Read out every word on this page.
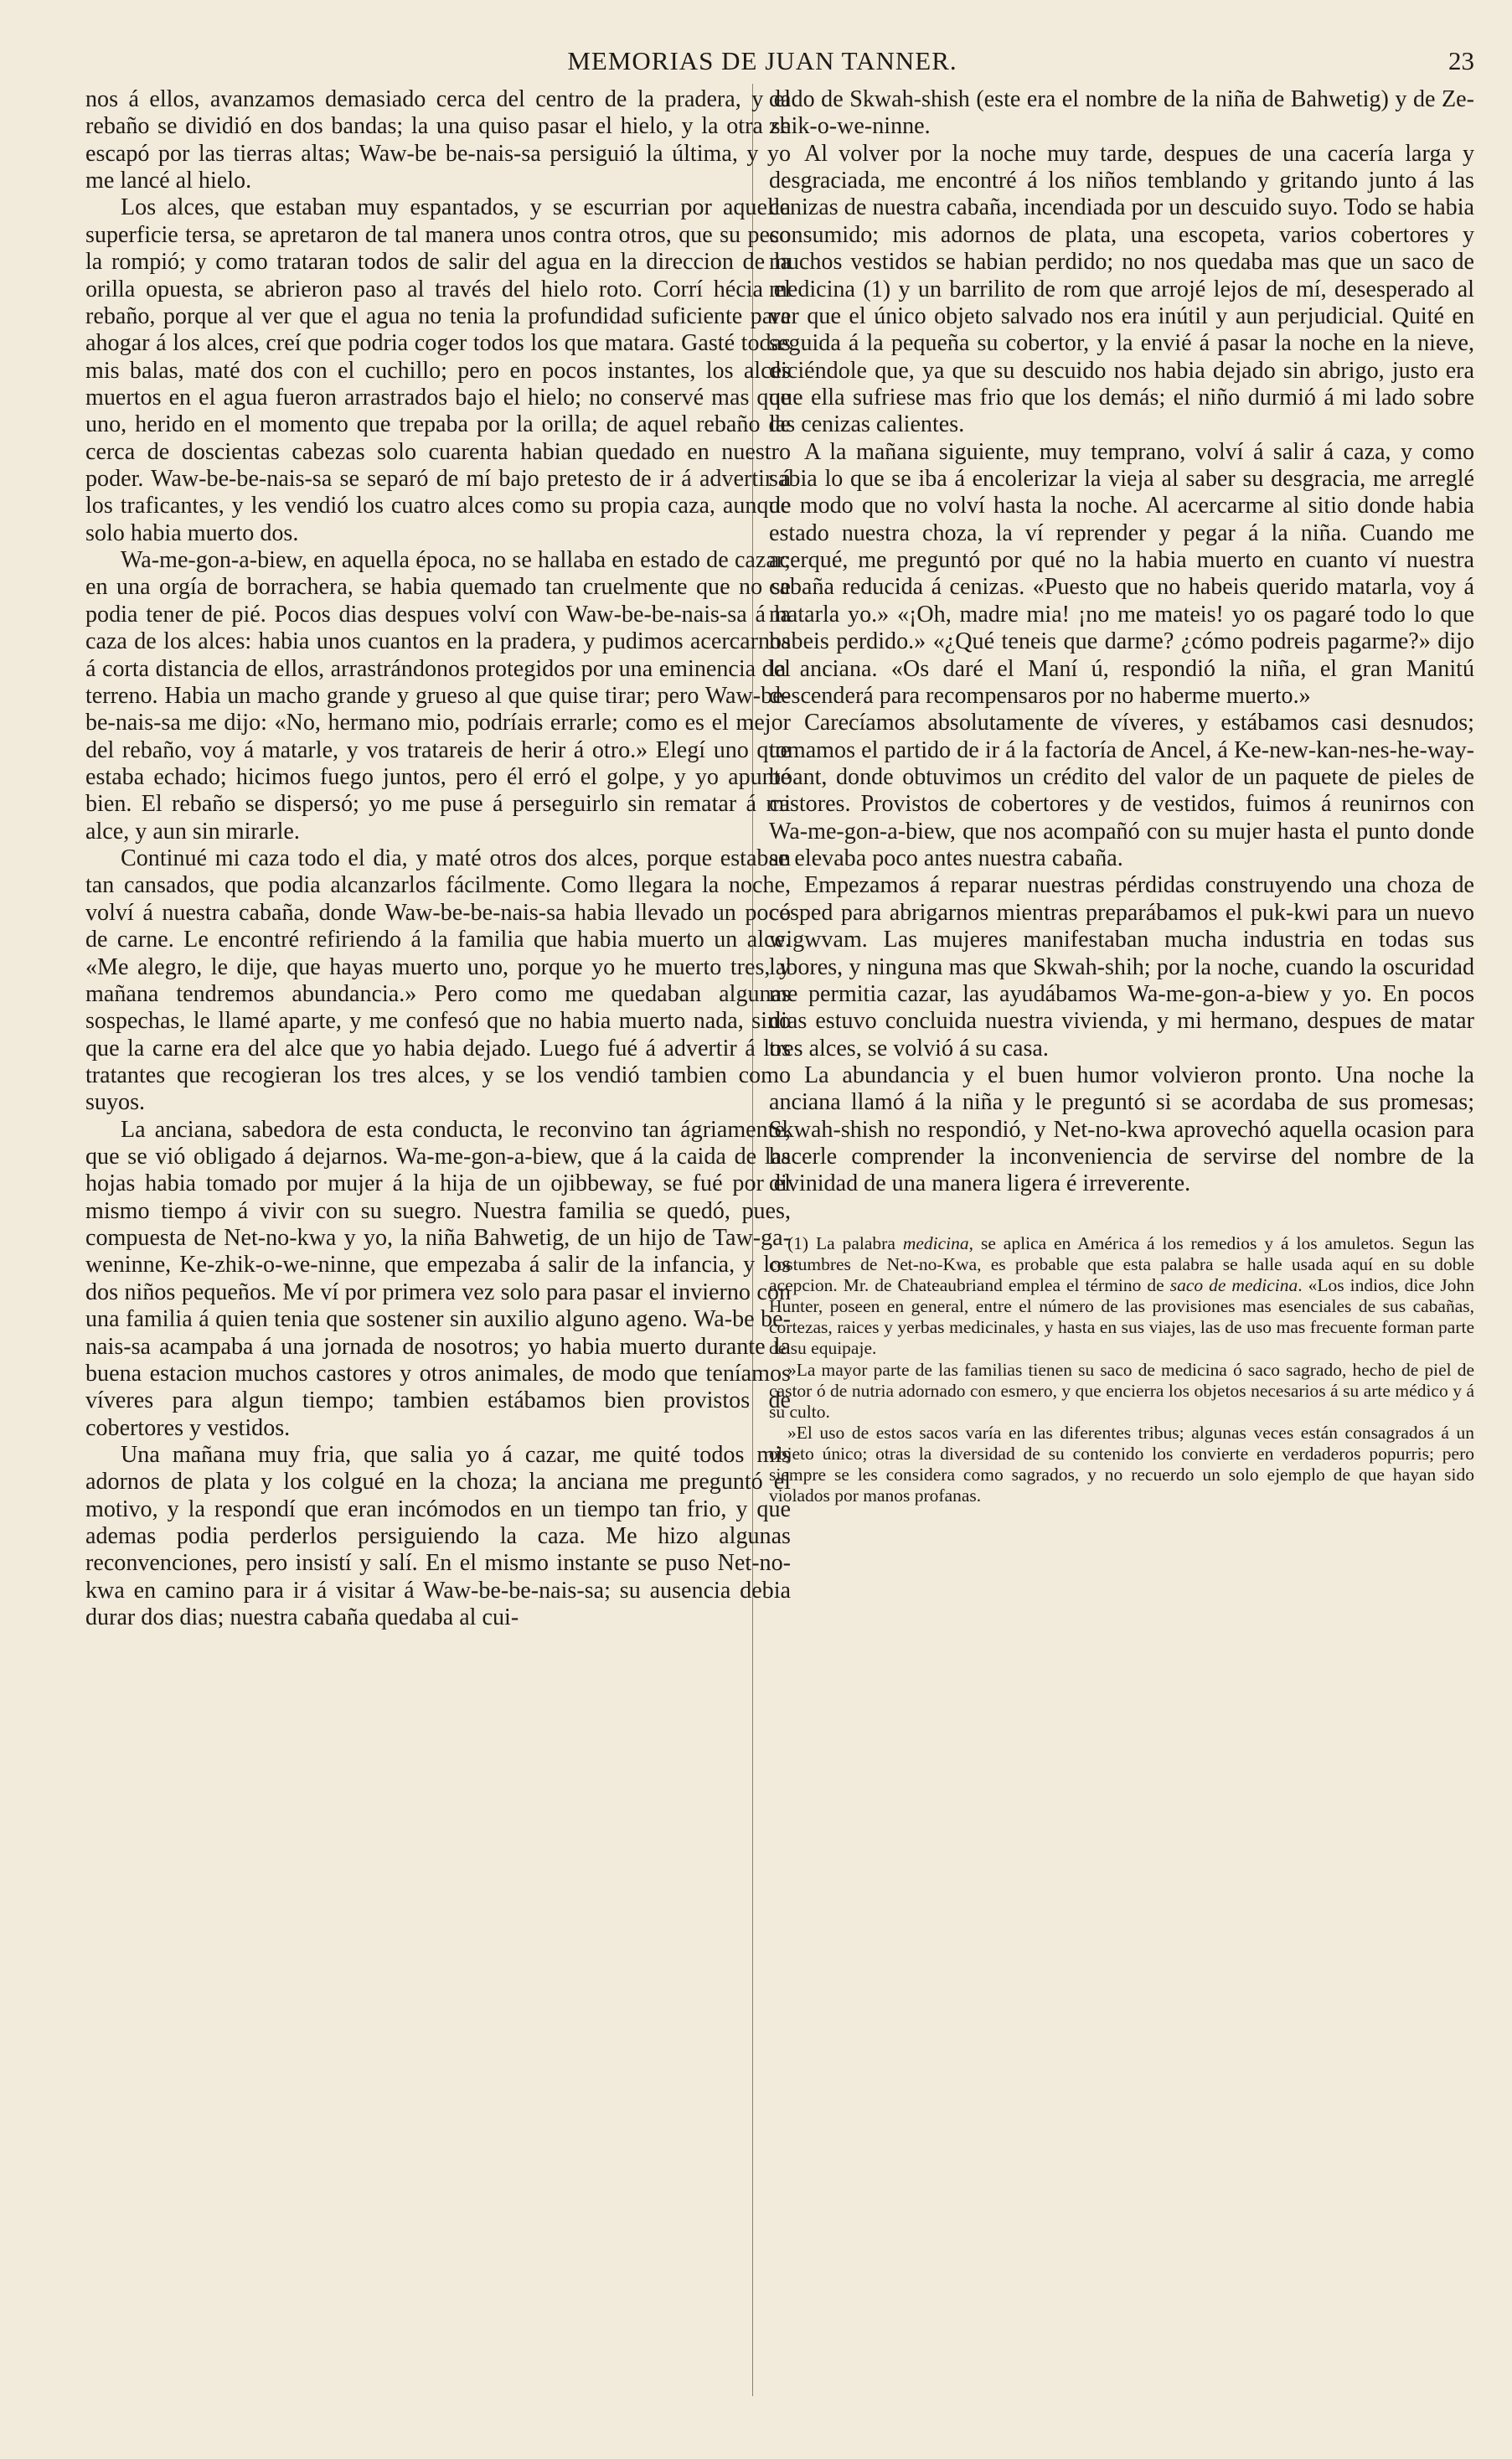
MEMORIAS DE JUAN TANNER.	23

nos á ellos, avanzamos demasiado cerca del centro de la pradera, y el rebaño se dividió en dos bandas; la una quiso pasar el hielo, y la otra se escapó por las tierras altas; Waw-be be-nais-sa persiguió la última, y yo me lancé al hielo.

Los alces, que estaban muy espantados, y se escurrian por aquella superficie tersa, se apretaron de tal manera unos contra otros, que su peso la rompió; y como trataran todos de salir del agua en la direccion de la orilla opuesta, se abrieron paso al través del hielo roto. Corrí hécia el rebaño, porque al ver que el agua no tenia la profundidad suficiente para ahogar á los alces, creí que podria coger todos los que matara. Gasté todas mis balas, maté dos con el cuchillo; pero en pocos instantes, los alces muertos en el agua fueron arrastrados bajo el hielo; no conservé mas que uno, herido en el momento que trepaba por la orilla; de aquel rebaño de cerca de doscientas cabezas solo cuarenta habian quedado en nuestro poder. Waw-be-be-nais-sa se separó de mí bajo pretesto de ir á advertir á los traficantes, y les vendió los cuatro alces como su propia caza, aunque solo habia muerto dos.

Wa-me-gon-a-biew, en aquella época, no se hallaba en estado de cazar; en una orgía de borrachera, se habia quemado tan cruelmente que no se podia tener de pié. Pocos dias despues volví con Waw-be-be-nais-sa á la caza de los alces: habia unos cuantos en la pradera, y pudimos acercarnos á corta distancia de ellos, arrastrándonos protegidos por una eminencia del terreno. Habia un macho grande y grueso al que quise tirar; pero Waw-be-be-nais-sa me dijo: «No, hermano mio, podríais errarle; como es el mejor del rebaño, voy á matarle, y vos tratareis de herir á otro.» Elegí uno que estaba echado; hicimos fuego juntos, pero él erró el golpe, y yo apunté bien. El rebaño se dispersó; yo me puse á perseguirlo sin rematar á mi alce, y aun sin mirarle.

Continué mi caza todo el dia, y maté otros dos alces, porque estaban tan cansados, que podia alcanzarlos fácilmente. Como llegara la noche, volví á nuestra cabaña, donde Waw-be-be-nais-sa habia llevado un poco de carne. Le encontré refiriendo á la familia que habia muerto un alce. «Me alegro, le dije, que hayas muerto uno, porque yo he muerto tres, y mañana tendremos abundancia.» Pero como me quedaban algunas sospechas, le llamé aparte, y me confesó que no habia muerto nada, sino que la carne era del alce que yo habia dejado. Luego fué á advertir á los tratantes que recogieran los tres alces, y se los vendió tambien como suyos.

La anciana, sabedora de esta conducta, le reconvino tan ágriamente, que se vió obligado á dejarnos. Wa-me-gon-a-biew, que á la caida de las hojas habia tomado por mujer á la hija de un ojibbeway, se fué por el mismo tiempo á vivir con su suegro. Nuestra familia se quedó, pues, compuesta de Net-no-kwa y yo, la niña Bahwetig, de un hijo de Taw-ga-weninne, Ke-zhik-o-we-ninne, que empezaba á salir de la infancia, y los dos niños pequeños. Me ví por primera vez solo para pasar el invierno con una familia á quien tenia que sostener sin auxilio alguno ageno. Wa-be be-nais-sa acampaba á una jornada de nosotros; yo habia muerto durante la buena estacion muchos castores y otros animales, de modo que teníamos víveres para algun tiempo; tambien estábamos bien provistos de cobertores y vestidos.

Una mañana muy fria, que salia yo á cazar, me quité todos mis adornos de plata y los colgué en la choza; la anciana me preguntó el motivo, y la respondí que eran incómodos en un tiempo tan frio, y que ademas podia perderlos persiguiendo la caza. Me hizo algunas reconvenciones, pero insistí y salí. En el mismo instante se puso Net-no-kwa en camino para ir á visitar á Waw-be-be-nais-sa; su ausencia debia durar dos dias; nuestra cabaña quedaba al cui-

dado de Skwah-shish (este era el nombre de la niña de Bahwetig) y de Ze-zhik-o-we-ninne.

Al volver por la noche muy tarde, despues de una cacería larga y desgraciada, me encontré á los niños temblando y gritando junto á las cenizas de nuestra cabaña, incendiada por un descuido suyo. Todo se habia consumido; mis adornos de plata, una escopeta, varios cobertores y muchos vestidos se habian perdido; no nos quedaba mas que un saco de medicina (1) y un barrilito de rom que arrojé lejos de mí, desesperado al ver que el único objeto salvado nos era inútil y aun perjudicial. Quité en seguida á la pequeña su cobertor, y la envié á pasar la noche en la nieve, diciéndole que, ya que su descuido nos habia dejado sin abrigo, justo era que ella sufriese mas frio que los demás; el niño durmió á mi lado sobre las cenizas calientes.

A la mañana siguiente, muy temprano, volví á salir á caza, y como sabia lo que se iba á encolerizar la vieja al saber su desgracia, me arreglé de modo que no volví hasta la noche. Al acercarme al sitio donde habia estado nuestra choza, la ví reprender y pegar á la niña. Cuando me acerqué, me preguntó por qué no la habia muerto en cuanto ví nuestra cabaña reducida á cenizas. «Puesto que no habeis querido matarla, voy á matarla yo.» «¡Oh, madre mia! ¡no me mateis! yo os pagaré todo lo que habeis perdido.» «¿Qué teneis que darme? ¿cómo podreis pagarme?» dijo la anciana. «Os daré el Maní ú, respondió la niña, el gran Manitú descenderá para recompensaros por no haberme muerto.»

Carecíamos absolutamente de víveres, y estábamos casi desnudos; tomamos el partido de ir á la factoría de Ancel, á Ke-new-kan-nes-he-way-boant, donde obtuvimos un crédito del valor de un paquete de pieles de castores. Provistos de cobertores y de vestidos, fuimos á reunirnos con Wa-me-gon-a-biew, que nos acompañó con su mujer hasta el punto donde se elevaba poco antes nuestra cabaña.

Empezamos á reparar nuestras pérdidas construyendo una choza de césped para abrigarnos mientras preparábamos el puk-kwi para un nuevo wigwvam. Las mujeres manifestaban mucha industria en todas sus labores, y ninguna mas que Skwah-shih; por la noche, cuando la oscuridad me permitia cazar, las ayudábamos Wa-me-gon-a-biew y yo. En pocos dias estuvo concluida nuestra vivienda, y mi hermano, despues de matar tres alces, se volvió á su casa.

La abundancia y el buen humor volvieron pronto. Una noche la anciana llamó á la niña y le preguntó si se acordaba de sus promesas; Skwah-shish no respondió, y Net-no-kwa aprovechó aquella ocasion para hacerle comprender la inconveniencia de servirse del nombre de la divinidad de una manera ligera é irreverente.

(1) La palabra medicina, se aplica en América á los remedios y á los amuletos. Segun las costumbres de Net-no-Kwa, es probable que esta palabra se halle usada aquí en su doble acepcion. Mr. de Chateaubriand emplea el término de saco de medicina. «Los indios, dice John Hunter, poseen en general, entre el número de las provisiones mas esenciales de sus cabañas, cortezas, raices y yerbas medicinales, y hasta en sus viajes, las de uso mas frecuente forman parte de su equipaje.

»La mayor parte de las familias tienen su saco de medicina ó saco sagrado, hecho de piel de castor ó de nutria adornado con esmero, y que encierra los objetos necesarios á su arte médico y á su culto.

»El uso de estos sacos varía en las diferentes tribus; algunas veces están consagrados á un objeto único; otras la diversidad de su contenido los convierte en verdaderos popurris; pero siempre se les considera como sagrados, y no recuerdo un solo ejemplo de que hayan sido violados por manos profanas.
